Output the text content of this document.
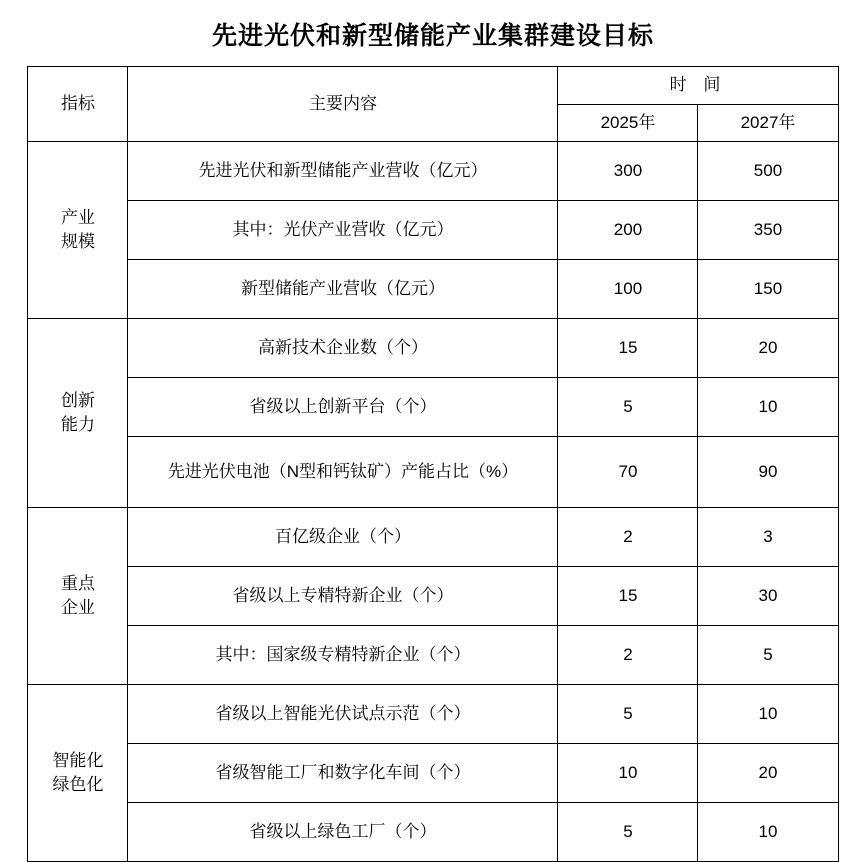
先进光伏和新型储能产业集群建设目标
指标	主要内容	时 间	
		2025年	2027年
产业
规模	先进光伏和新型储能产业营收（亿元）	300	500
	其中：光伏产业营收（亿元）	200	350
	新型储能产业营收（亿元）	100	150
创新
能力	高新技术企业数（个）	15	20
	省级以上创新平台（个）	5	10
	先进光伏电池（N型和钙钛矿）产能占比（%）	70	90
重点
企业	百亿级企业（个）	2	3
	省级以上专精特新企业（个）	15	30
	其中：国家级专精特新企业（个）	2	5
智能化
绿色化	省级以上智能光伏试点示范（个）	5	10
	省级智能工厂和数字化车间（个）	10	20
	省级以上绿色工厂（个）	5	10
